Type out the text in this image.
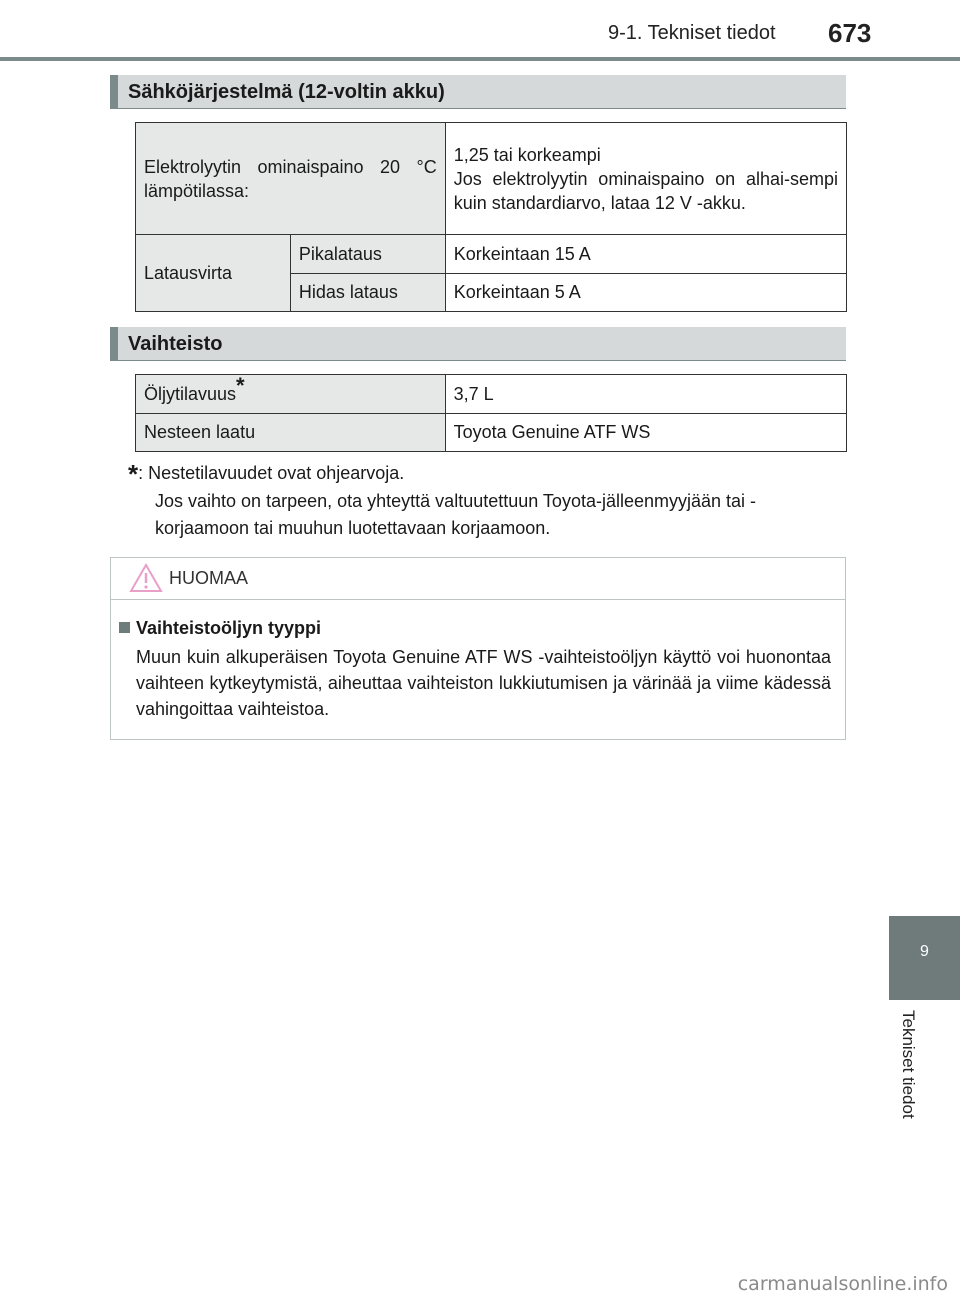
9-1. Tekniset tiedot 673
Sähköjärjestelmä (12-voltin akku)
Elektrolyytin ominaispaino 20 °C lämpötilassa:		1,25 tai korkeampi
Jos elektrolyytin ominaispaino on alhai-sempi kuin standardiarvo, lataa 12 V -akku.

Latausvirta	Pikalataus	Korkeintaan 15 A
	Hidas lataus	Korkeintaan 5 A
Vaihteisto
Öljytilavuus*	3,7 L
Nesteen laatu	Toyota Genuine ATF WS
*: Nestetilavuudet ovat ohjearvoja.
Jos vaihto on tarpeen, ota yhteyttä valtuutettuun Toyota-jälleenmyyjään tai -korjaamoon tai muuhun luotettavaan korjaamoon.
HUOMAA
Vaihteistoöljyn tyyppi
Muun kuin alkuperäisen Toyota Genuine ATF WS -vaihteistoöljyn käyttö voi huonontaa vaihteen kytkeytymistä, aiheuttaa vaihteiston lukkiutumisen ja värinää ja viime kädessä vahingoittaa vaihteistoa.
9
Tekniset tiedot
carmanualsonline.info
